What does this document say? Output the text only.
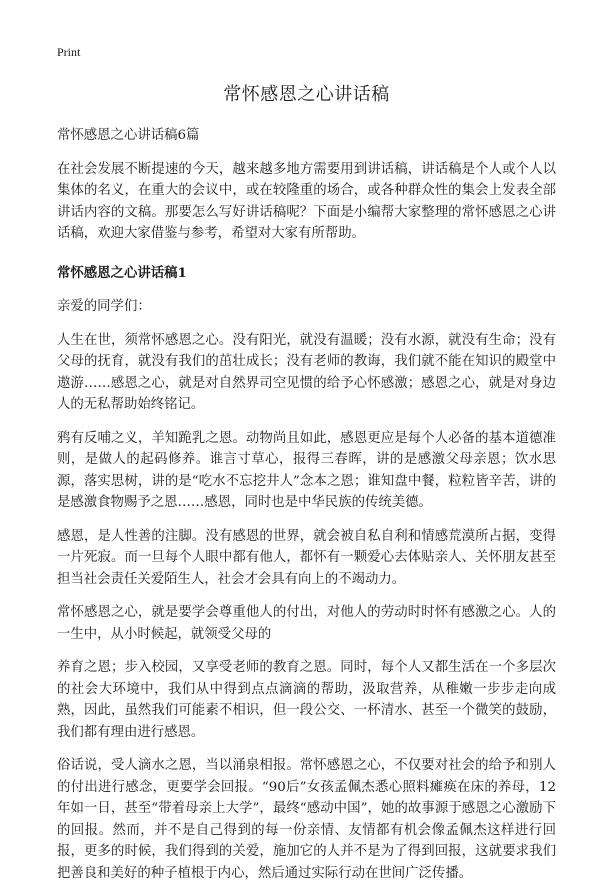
Print
常怀感恩之心讲话稿
常怀感恩之心讲话稿6篇

在社会发展不断提速的今天，越来越多地方需要用到讲话稿，讲话稿是个人或个人以集体的名义，在重大的会议中，或在较隆重的场合，或各种群众性的集会上发表全部讲话内容的文稿。那要怎么写好讲话稿呢？下面是小编帮大家整理的常怀感恩之心讲话稿，欢迎大家借鉴与参考，希望对大家有所帮助。

常怀感恩之心讲话稿1

亲爱的同学们：

人生在世，须常怀感恩之心。没有阳光，就没有温暖；没有水源，就没有生命；没有父母的抚育，就没有我们的茁壮成长；没有老师的教诲，我们就不能在知识的殿堂中遨游……感恩之心，就是对自然界司空见惯的给予心怀感激；感恩之心，就是对身边人的无私帮助始终铭记。

鸦有反哺之义，羊知跪乳之恩。动物尚且如此，感恩更应是每个人必备的基本道德准则，是做人的起码修养。谁言寸草心，报得三春晖，讲的是感激父母亲恩；饮水思源，落实思树，讲的是“吃水不忘挖井人”念本之恩；谁知盘中餐，粒粒皆辛苦，讲的是感激食物赐予之恩……感恩，同时也是中华民族的传统美德。

感恩，是人性善的注脚。没有感恩的世界，就会被自私自利和情感荒漠所占据，变得一片死寂。而一旦每个人眼中都有他人，都怀有一颗爱心去体贴亲人、关怀朋友甚至担当社会责任关爱陌生人，社会才会具有向上的不竭动力。

常怀感恩之心，就是要学会尊重他人的付出，对他人的劳动时时怀有感激之心。人的一生中，从小时候起，就领受父母的

养育之恩；步入校园，又享受老师的教育之恩。同时，每个人又都生活在一个多层次的社会大环境中，我们从中得到点点滴滴的帮助，汲取营养，从稚嫩一步步走向成熟，因此，虽然我们可能素不相识，但一段公交、一杯清水、甚至一个微笑的鼓励，我们都有理由进行感恩。

俗话说，受人滴水之恩，当以涌泉相报。常怀感恩之心，不仅要对社会的给予和别人的付出进行感念，更要学会回报。“90后”女孩孟佩杰悉心照料瘫痪在床的养母，12年如一日，甚至“带着母亲上大学”，最终“感动中国”，她的故事源于感恩之心激励下的回报。然而，并不是自己得到的每一份亲情、友情都有机会像孟佩杰这样进行回报，更多的时候，我们得到的关爱，施加它的人并不是为了得到回报，这就要求我们把善良和美好的种子植根于内心，然后通过实际行动在世间广泛传播。
